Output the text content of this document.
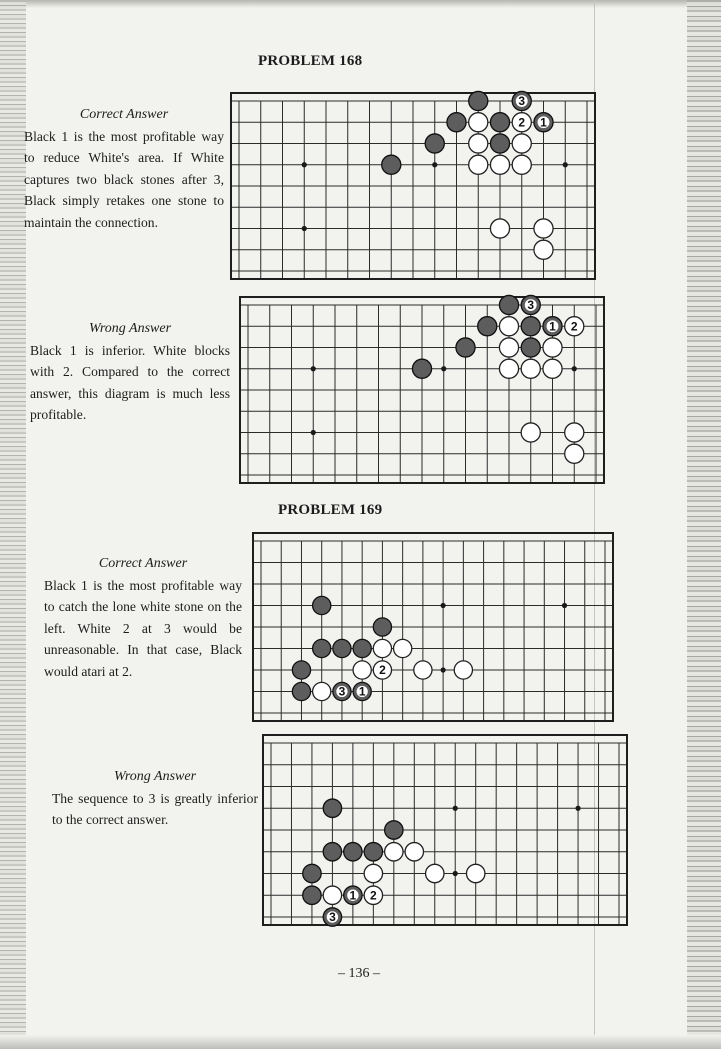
PROBLEM 168

Correct Answer

Black 1 is the most profitable way to reduce White's area. If White captures two black stones after 3, Black simply retakes one stone to maintain the connection.

3
2 1

Wrong Answer

Black 1 is inferior. White blocks with 2. Compared to the correct answer, this diagram is much less profitable.

3
1 2
PROBLEM 169

Correct Answer

Black 1 is the most profitable way to catch the lone white stone on the left. White 2 at 3 would be unreasonable. In that case, Black would atari at 2.	2
3 1

Wrong Answer

The sequence to 3 is greatly inferior to the correct answer.

1 2
3

– 136 –
